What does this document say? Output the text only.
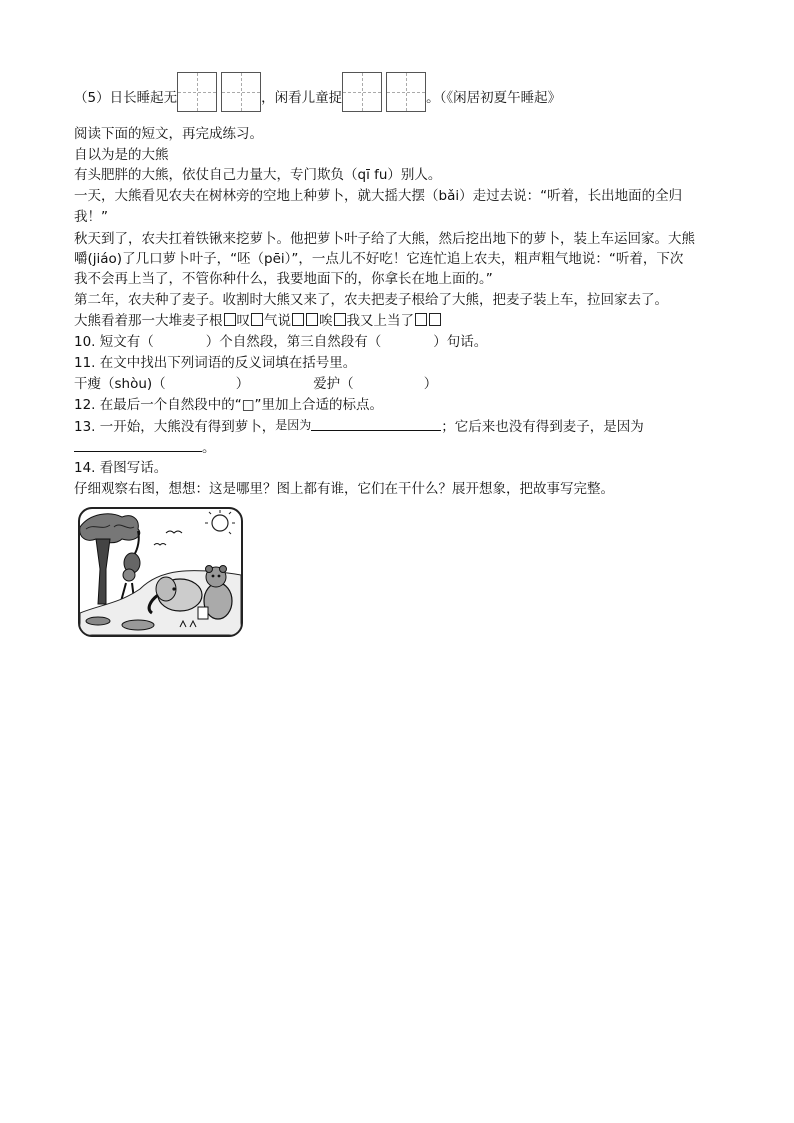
（5）日长睡起无	，闲看儿童捉	。（《闲居初夏午睡起》
阅读下面的短文，再完成练习。
自以为是的大熊
有头肥胖的大熊，依仗自己力量大，专门欺负（qī fu）别人。
一天，大熊看见农夫在树林旁的空地上种萝卜，就大摇大摆（bǎi）走过去说：“听着，长出地面的全归
我！”
秋天到了，农夫扛着铁锹来挖萝卜。他把萝卜叶子给了大熊，然后挖出地下的萝卜，装上车运回家。大熊
嚼(jiáo)了几口萝卜叶子，“呸（pēi）”，一点儿不好吃！它连忙追上农夫，粗声粗气地说：“听着，下次
我不会再上当了，不管你种什么，我要地面下的，你拿长在地上面的。”
第二年，农夫种了麦子。收割时大熊又来了，农夫把麦子根给了大熊，把麦子装上车，拉回家去了。
大熊看着那一大堆麦子根 叹 气说 唉 我又上当了
10. 短文有（	）个自然段，第三自然段有（	）句话。
11. 在文中找出下列词语的反义词填在括号里。
干瘦（shòu)（	）	爱护（	）
12. 在最后一个自然段中的“□”里加上合适的标点。
13. 一开始，大熊没有得到萝卜，是因为	；它后来也没有得到麦子，是因为
。
14. 看图写话。
仔细观察右图，想想：这是哪里？图上都有谁，它们在干什么？展开想象，把故事写完整。
